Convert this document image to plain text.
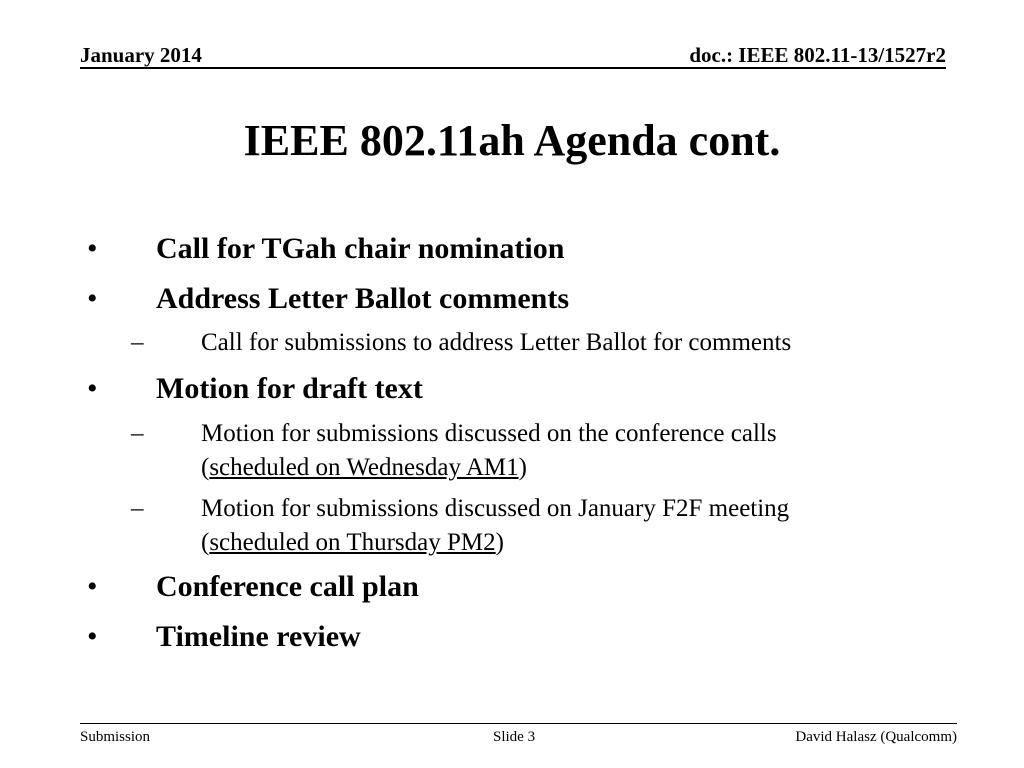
January 2014	doc.: IEEE 802.11-13/1527r2
IEEE 802.11ah Agenda cont.
• Call for TGah chair nomination
• Address Letter Ballot comments
– Call for submissions to address Letter Ballot for comments
• Motion for draft text
– Motion for submissions discussed on the conference calls
(scheduled on Wednesday AM1)
– Motion for submissions discussed on January F2F meeting
(scheduled on Thursday PM2)
• Conference call plan
• Timeline review
Submission	Slide 3	David Halasz (Qualcomm)
